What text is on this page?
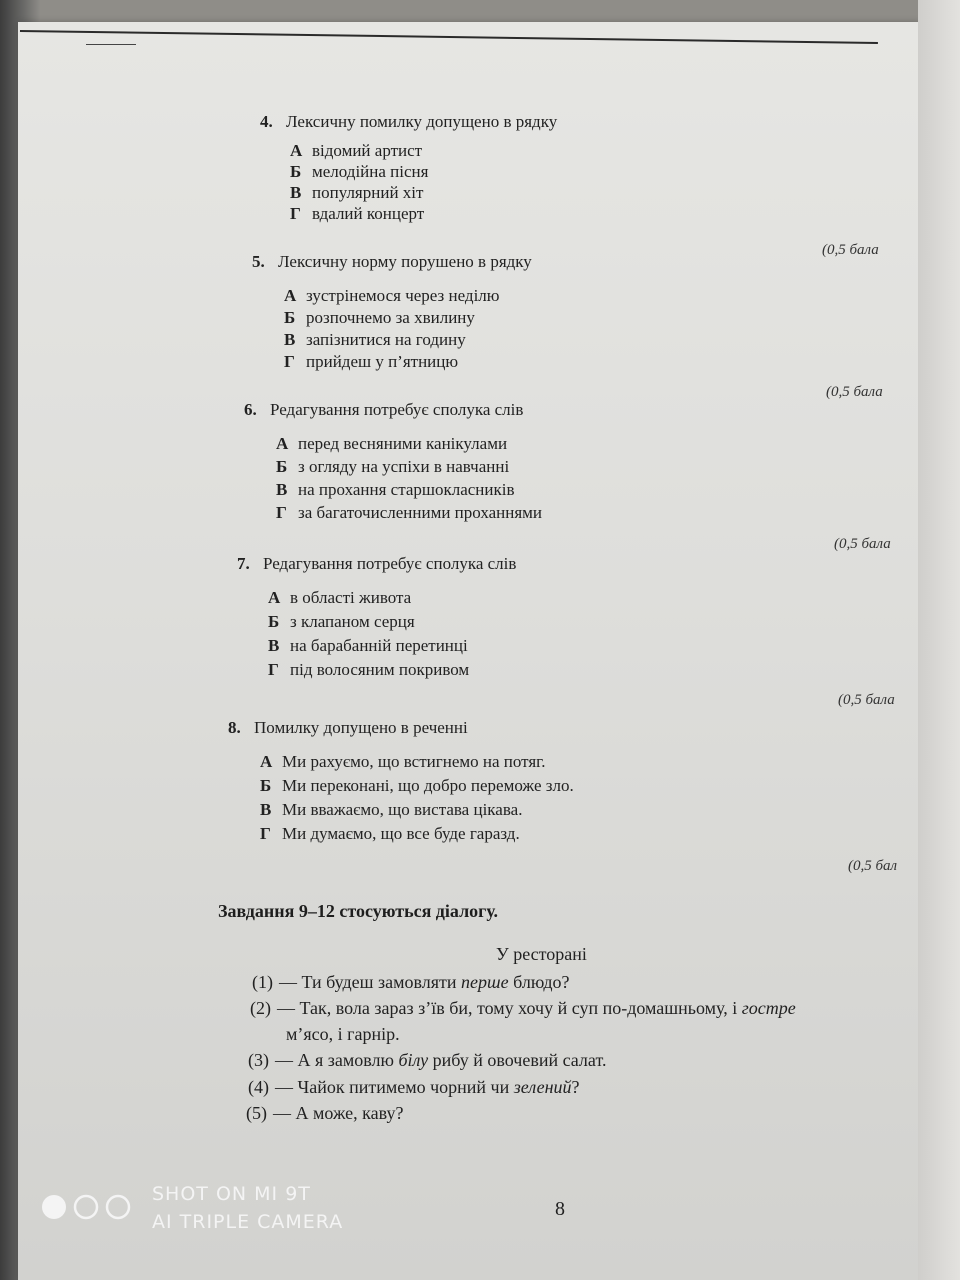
4. Лексичну помилку допущено в рядку
А відомий артист
Б мелодійна пісня
В популярний хіт
Г вдалий концерт
(0,5 бала
5. Лексичну норму порушено в рядку
А зустрінемося через неділю
Б розпочнемо за хвилину
В запізнитися на годину
Г прийдеш у п’ятницю
(0,5 бала
6. Редагування потребує сполука слів
А перед весняними канікулами
Б з огляду на успіхи в навчанні
В на прохання старшокласників
Г за багаточисленними проханнями
(0,5 бала
7. Редагування потребує сполука слів
А в області живота
Б з клапаном серця
В на барабанній перетинці
Г під волосяним покривом
(0,5 бала
8. Помилку допущено в реченні
А Ми рахуємо, що встигнемо на потяг.
Б Ми переконані, що добро переможе зло.
В Ми вважаємо, що вистава цікава.
Г Ми думаємо, що все буде гаразд.
(0,5 бал
Завдання 9–12 стосуються діалогу.
У ресторані
(1) — Ти будеш замовляти перше блюдо?
(2) — Так, вола зараз з’їв би, тому хочу й суп по-домашньому, і гостре
м’ясо, і гарнір.
(3) — А я замовлю білу рибу й овочевий салат.
(4) — Чайок питимемо чорний чи зелений?
(5) — А може, каву?
8
SHOT ON MI 9T
AI TRIPLE CAMERA
